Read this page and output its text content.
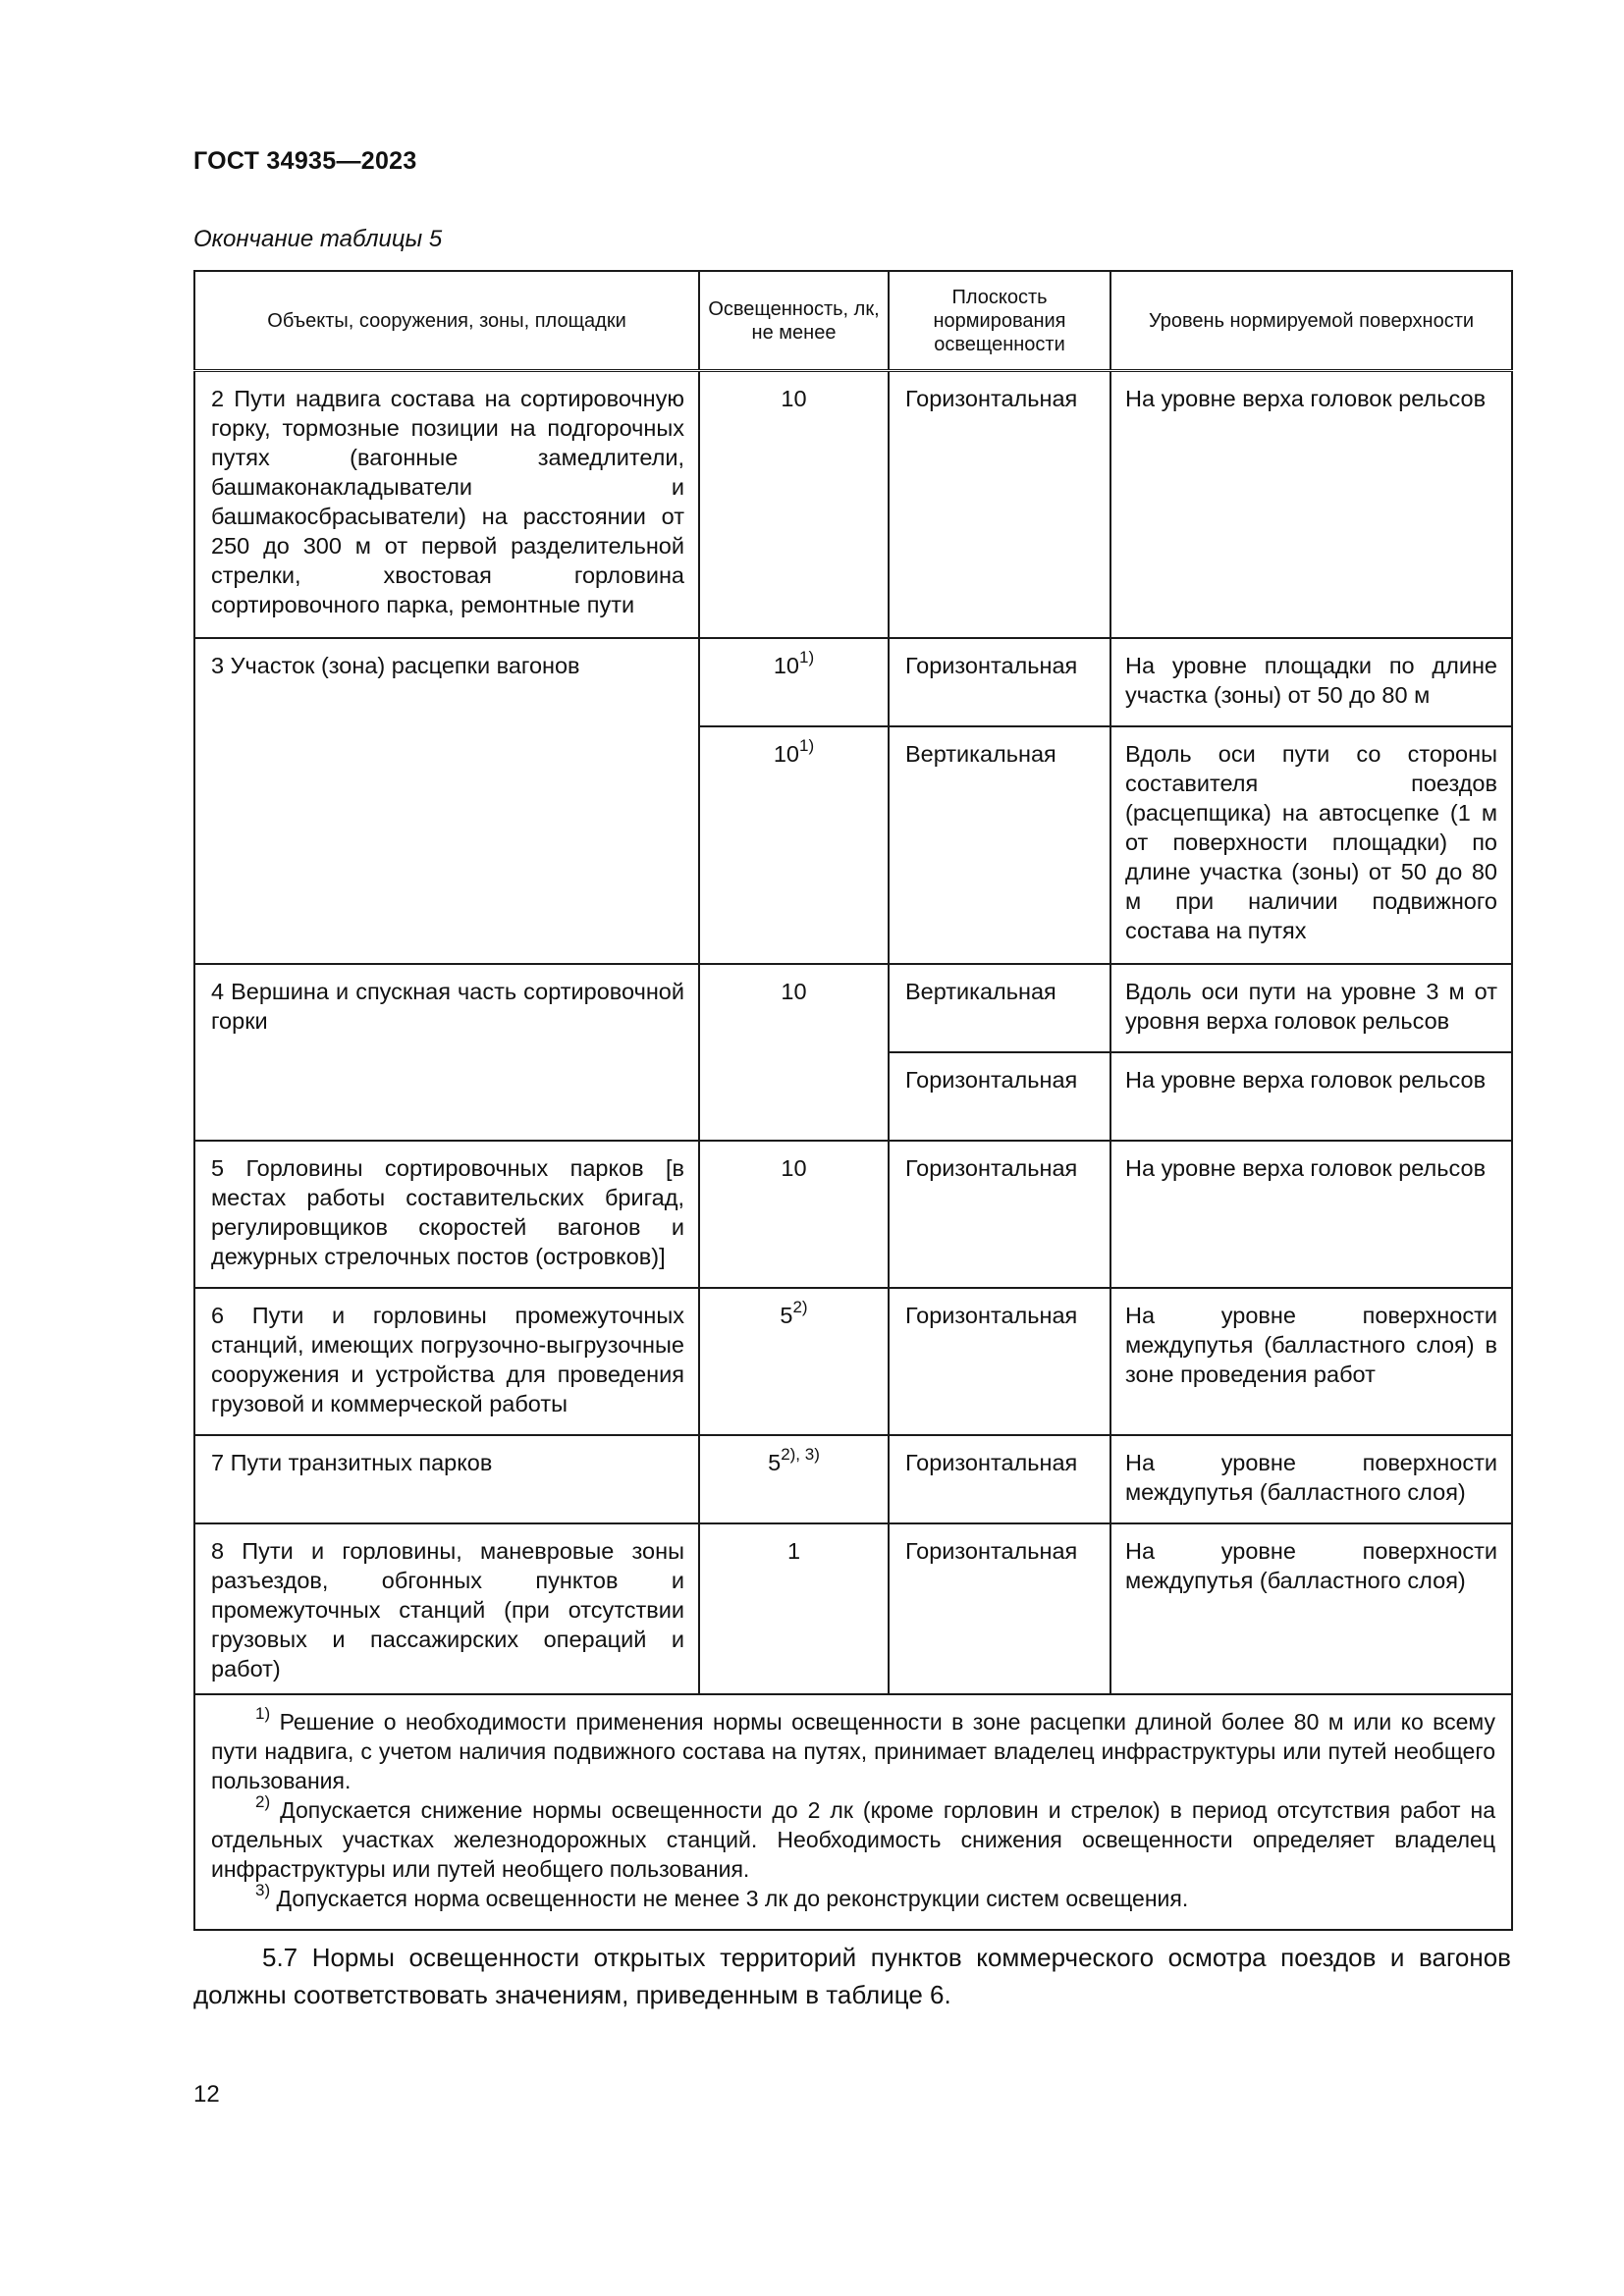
ГОСТ 34935—2023
Окончание таблицы 5
Объекты, сооружения, зоны, площадки	Освещенность, лк, не менее	Плоскость нормирования освещенности	Уровень нормируемой поверхности
2 Пути надвига состава на сортировочную горку, тормозные позиции на подгорочных путях (вагонные замедлители, башмаконакладыватели и башмакосбрасыватели) на расстоянии от 250 до 300 м от первой разделительной стрелки, хвостовая горловина сортировочного парка, ремонтные пути	10	Горизонтальная	На уровне верха головок рельсов
3 Участок (зона) расцепки вагонов	10$^{1)}$	Горизонтальная	На уровне площадки по длине участка (зоны) от 50 до 80 м
	10$^{1)}$	Вертикальная	Вдоль оси пути со стороны составителя поездов (расцепщика) на автосцепке (1 м от поверхности площадки) по длине участка (зоны) от 50 до 80 м при наличии подвижного состава на путях
4 Вершина и спускная часть сортировочной горки	10	Вертикальная	Вдоль оси пути на уровне 3 м от уровня верха головок рельсов
		Горизонтальная	На уровне верха головок рельсов
5 Горловины сортировочных парков [в местах работы составительских бригад, регулировщиков скоростей вагонов и дежурных стрелочных постов (островков)]	10	Горизонтальная	На уровне верха головок рельсов
6 Пути и горловины промежуточных станций, имеющих погрузочно-выгрузочные сооружения и устройства для проведения грузовой и коммерческой работы	5$^{2)}$	Горизонтальная	На уровне поверхности междупутья (балластного слоя) в зоне проведения работ
7 Пути транзитных парков	$5^{2), 3)}$	Горизонтальная	На уровне поверхности междупутья (балластного слоя)
8 Пути и горловины, маневровые зоны разъездов, обгонных пунктов и промежуточных станций (при отсутствии грузовых и пассажирских операций и работ)	1	Горизонтальная	На уровне поверхности междупутья (балластного слоя)

$^{1)}$ Решение о необходимости применения нормы освещенности в зоне расцепки длиной более 80 м или ко всему пути надвига, с учетом наличия подвижного состава на путях, принимает владелец инфраструктуры или путей необщего пользования.

$^{2)}$ Допускается снижение нормы освещенности до 2 лк (кроме горловин и стрелок) в период отсутствия работ на отдельных участках железнодорожных станций. Необходимость снижения освещенности определяет владелец инфраструктуры или путей необщего пользования.

$^{3)}$ Допускается норма освещенности не менее 3 лк до реконструкции систем освещения.			

5.7 Нормы освещенности открытых территорий пунктов коммерческого осмотра поездов и вагонов должны соответствовать значениям, приведенным в таблице 6.
12
